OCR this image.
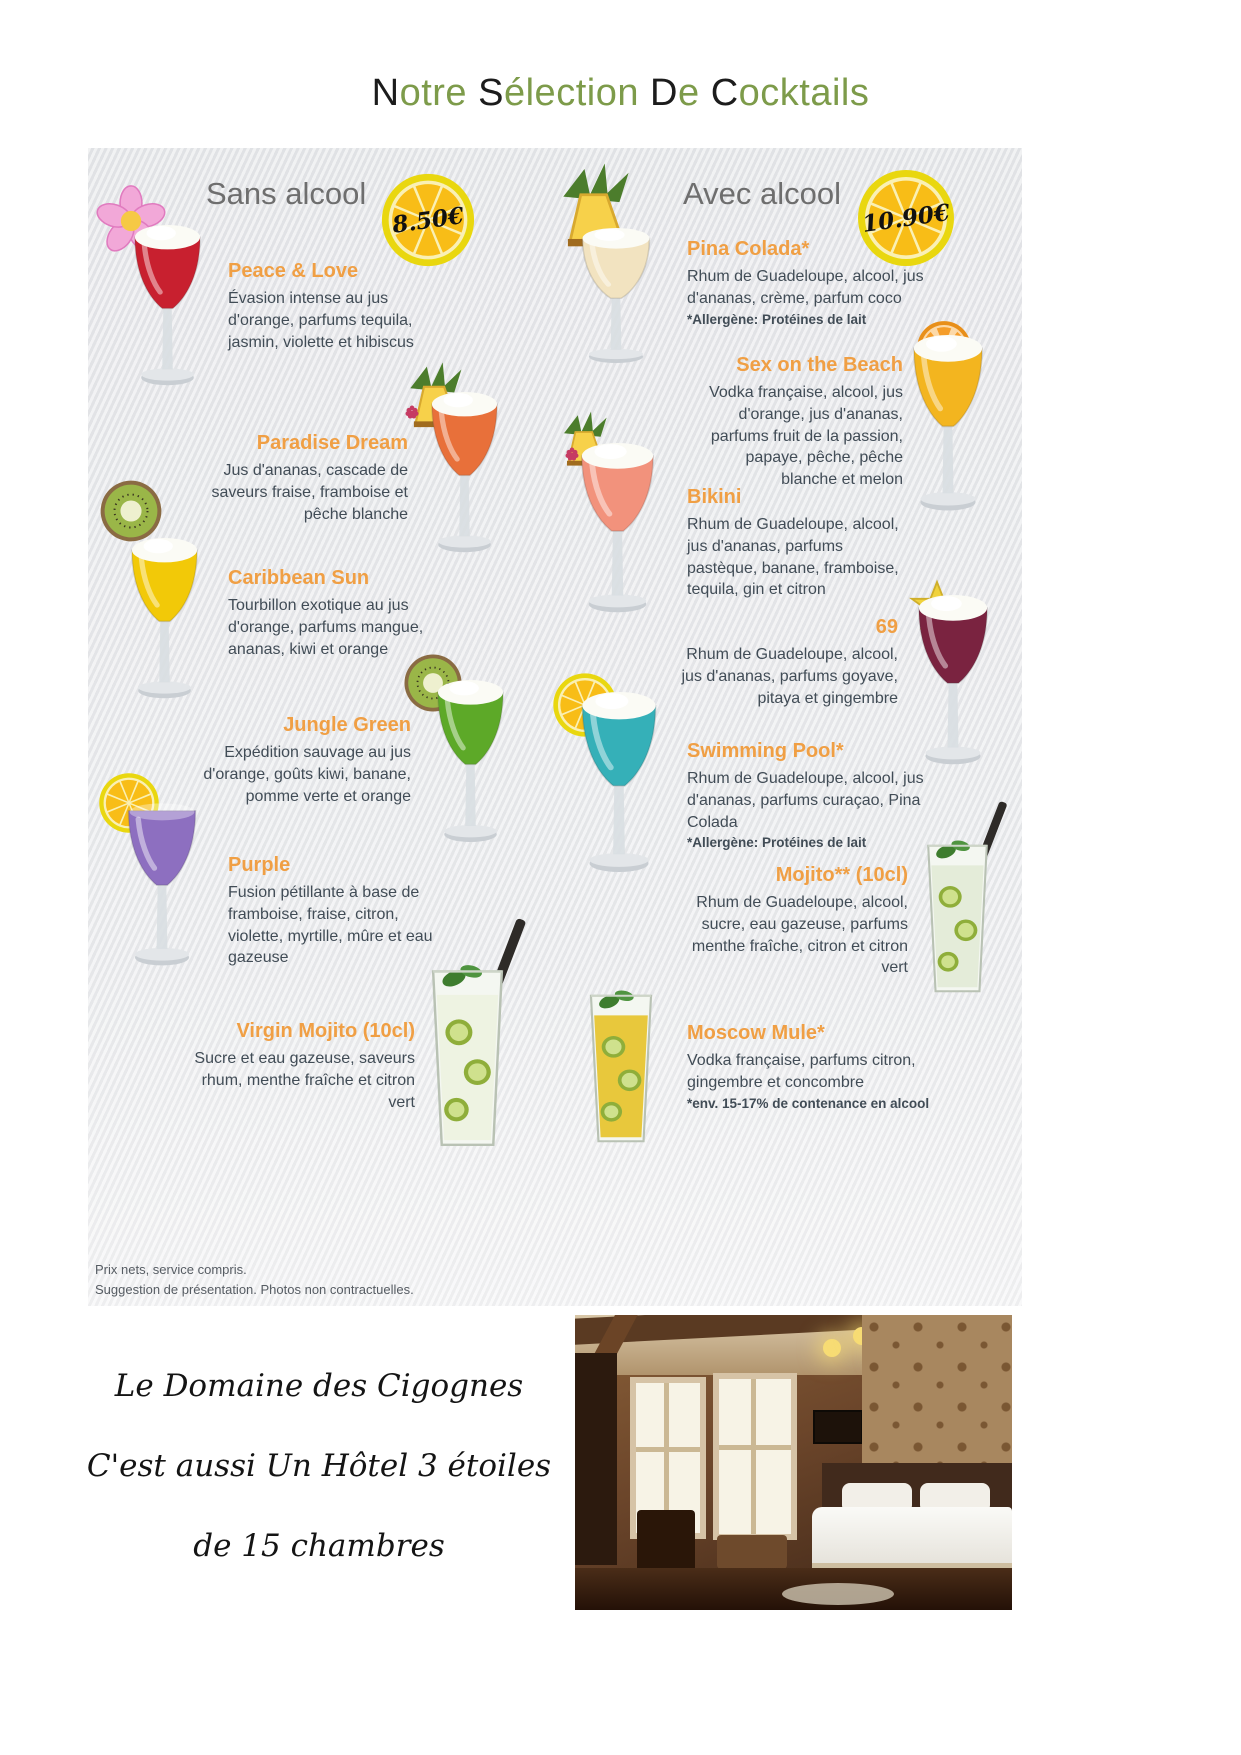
Notre Sélection De Cocktails
Sans alcool	Avec alcool
8.50€	10.90€
Peace & Love
Évasion intense au jus d'orange, parfums tequila, jasmin, violette et hibiscus
Paradise Dream
Jus d'ananas, cascade de saveurs fraise, framboise et pêche blanche
Caribbean Sun
Tourbillon exotique au jus d'orange, parfums mangue, ananas, kiwi et orange
Jungle Green
Expédition sauvage au jus d'orange, goûts kiwi, banane, pomme verte et orange
Purple
Fusion pétillante à base de framboise, fraise, citron, violette, myrtille, mûre et eau gazeuse
Virgin Mojito (10cl)
Sucre et eau gazeuse, saveurs rhum, menthe fraîche et citron vert
Pina Colada*
Rhum de Guadeloupe, alcool, jus d'ananas, crème, parfum coco
*Allergène: Protéines de lait
Sex on the Beach
Vodka française, alcool, jus d'orange, jus d'ananas, parfums fruit de la passion, papaye, pêche, pêche blanche et melon
Bikini
Rhum de Guadeloupe, alcool, jus d'ananas, parfums pastèque, banane, framboise, tequila, gin et citron
69
Rhum de Guadeloupe, alcool, jus d'ananas, parfums goyave, pitaya et gingembre
Swimming Pool*
Rhum de Guadeloupe, alcool, jus d'ananas, parfums curaçao, Pina Colada
*Allergène: Protéines de lait
Mojito** (10cl)
Rhum de Guadeloupe, alcool, sucre, eau gazeuse, parfums menthe fraîche, citron et citron vert
Moscow Mule*
Vodka française, parfums citron, gingembre et concombre
*env. 15-17% de contenance en alcool
Prix nets, service compris.
Suggestion de présentation. Photos non contractuelles.
Le Domaine des Cigognes
C'est aussi Un Hôtel 3 étoiles
de 15 chambres
